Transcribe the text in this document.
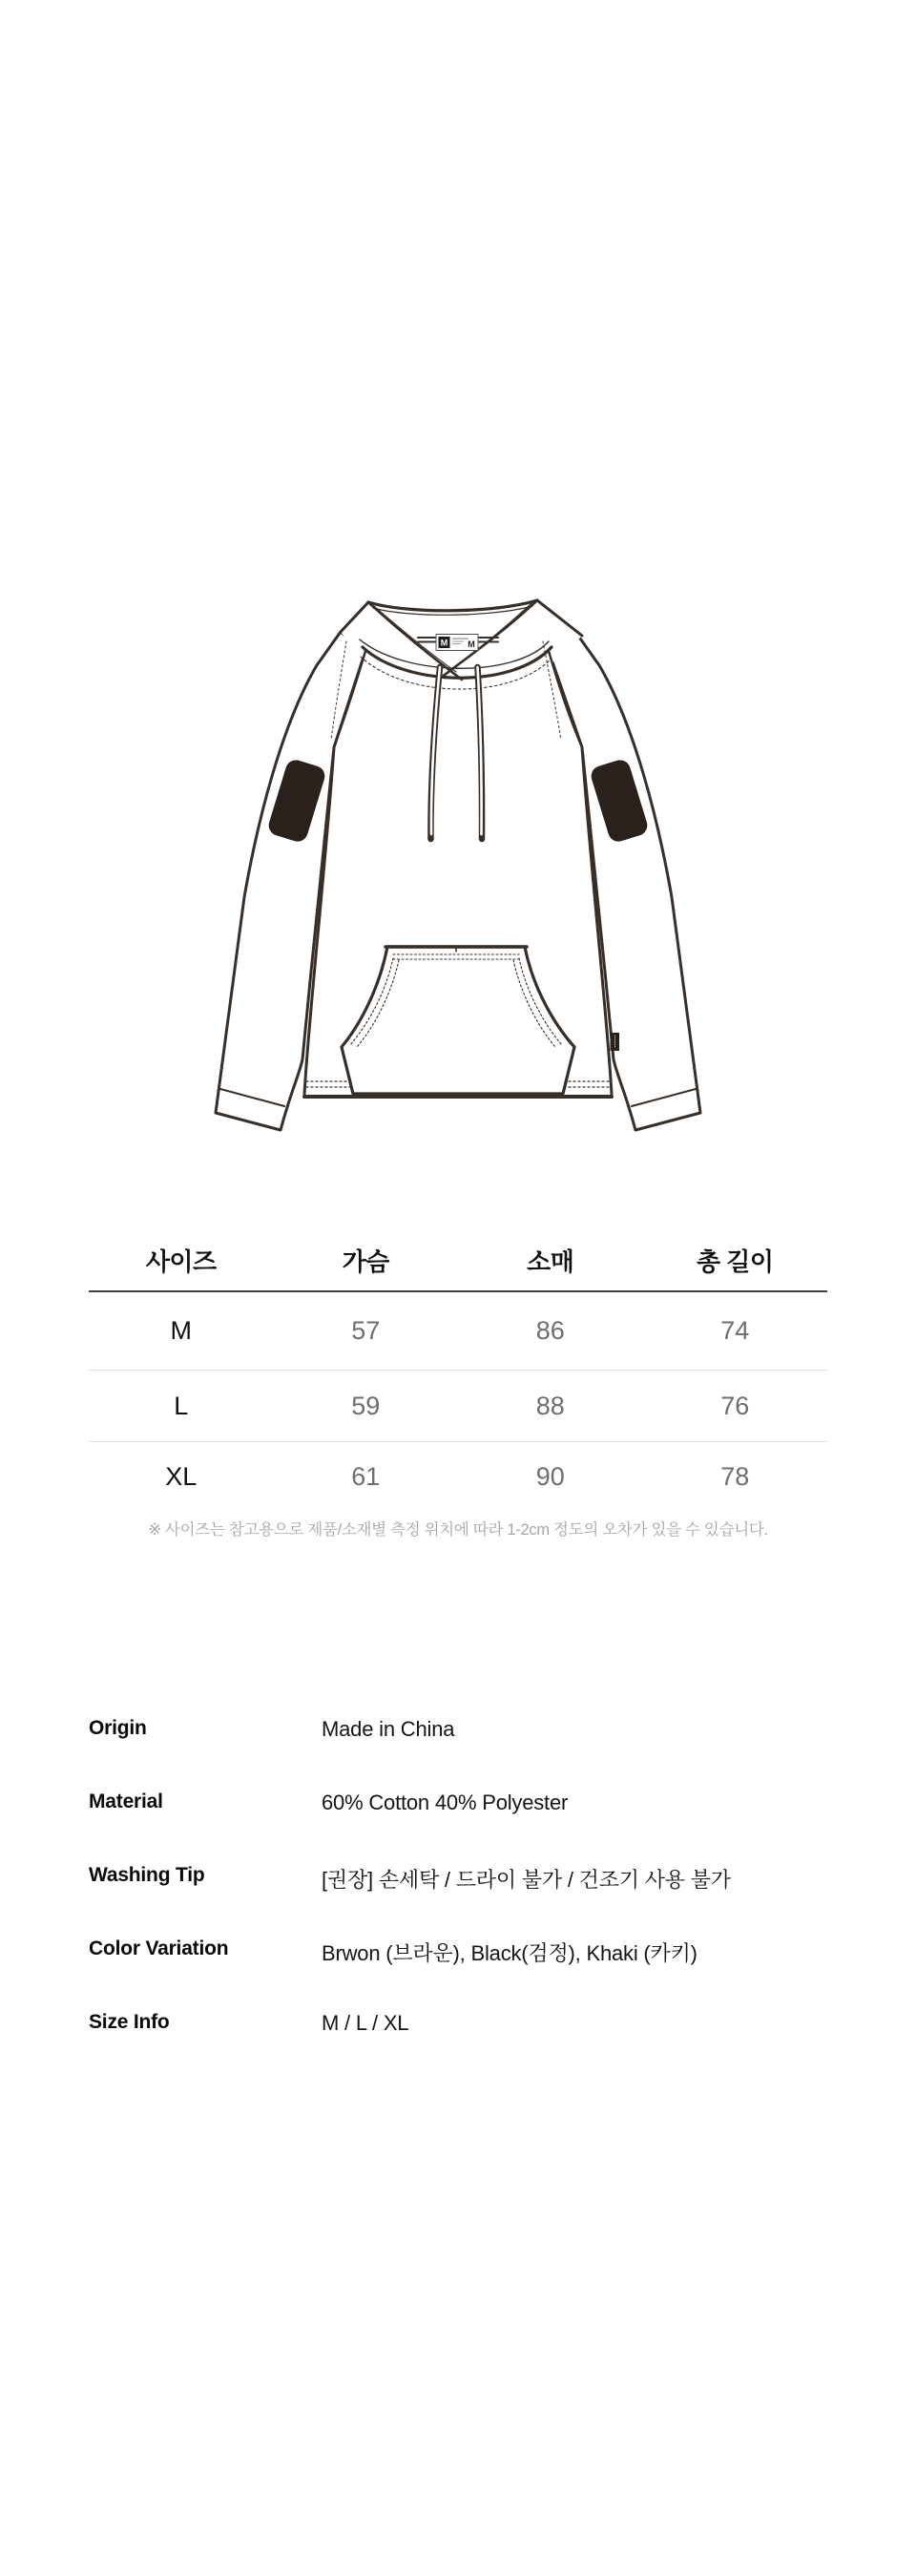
M M
사이즈	가슴	소매	총 길이
M	57	86	74
L	59	88	76
XL	61	90	78
※ 사이즈는 참고용으로 제품/소재별 측정 위치에 따라 1-2cm 정도의 오차가 있을 수 있습니다.
Origin	Made in China
Material	60% Cotton 40% Polyester
Washing Tip	[권장] 손세탁 / 드라이 불가 / 건조기 사용 불가
Color Variation	Brwon (브라운), Black(검정), Khaki (카키)
Size Info	M / L / XL
